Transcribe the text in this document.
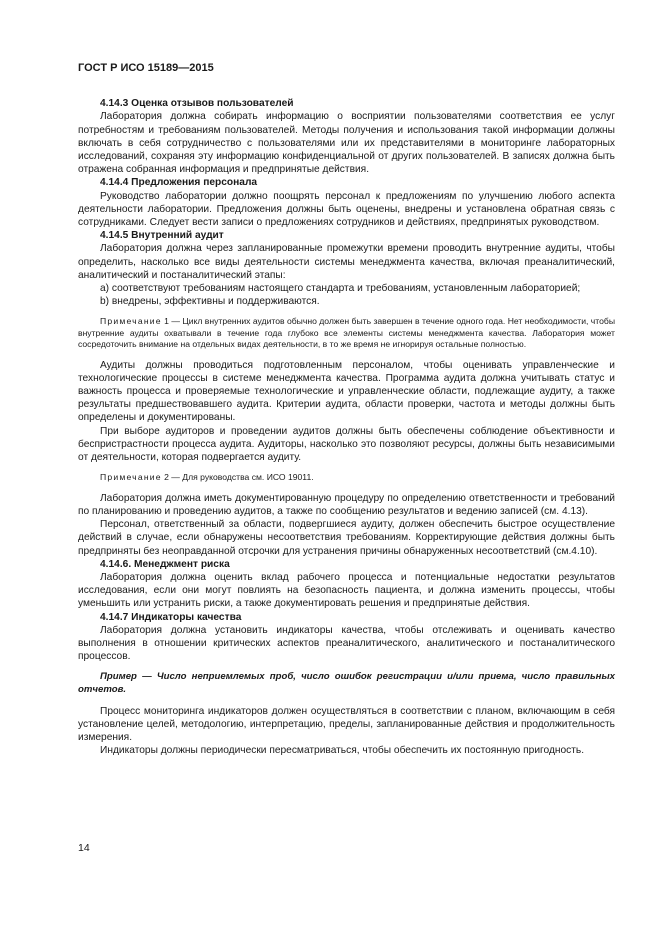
ГОСТ Р ИСО 15189—2015

4.14.3 Оценка отзывов пользователей

Лаборатория должна собирать информацию о восприятии пользователями соответствия ее услуг потребностям и требованиям пользователей. Методы получения и использования такой информации должны включать в себя сотрудничество с пользователями или их представителями в мониторинге лабораторных исследований, сохраняя эту информацию конфиденциальной от других пользователей. В записях должна быть отражена собранная информация и предпринятые действия.

4.14.4 Предложения персонала

Руководство лаборатории должно поощрять персонал к предложениям по улучшению любого аспекта деятельности лаборатории. Предложения должны быть оценены, внедрены и установлена обратная связь с сотрудниками. Следует вести записи о предложениях сотрудников и действиях, предпринятых руководством.

4.14.5 Внутренний аудит

Лаборатория должна через запланированные промежутки времени проводить внутренние аудиты, чтобы определить, насколько все виды деятельности системы менеджмента качества, включая преаналитический, аналитический и постаналитический этапы:

а) соответствуют требованиям настоящего стандарта и требованиям, установленным лабораторией;

b) внедрены, эффективны и поддерживаются.

Примечание 1 — Цикл внутренних аудитов обычно должен быть завершен в течение одного года. Нет необходимости, чтобы внутренние аудиты охватывали в течение года глубоко все элементы системы менеджмента качества. Лаборатория может сосредоточить внимание на отдельных видах деятельности, в то же время не игнорируя остальные полностью.

Аудиты должны проводиться подготовленным персоналом, чтобы оценивать управленческие и технологические процессы в системе менеджмента качества. Программа аудита должна учитывать статус и важность процесса и проверяемые технологические и управленческие области, подлежащие аудиту, а также результаты предшествовавшего аудита. Критерии аудита, области проверки, частота и методы должны быть определены и документированы.

При выборе аудиторов и проведении аудитов должны быть обеспечены соблюдение объективности и беспристрастности процесса аудита. Аудиторы, насколько это позволяют ресурсы, должны быть независимыми от деятельности, которая подвергается аудиту.

Примечание 2 — Для руководства см. ИСО 19011.

Лаборатория должна иметь документированную процедуру по определению ответственности и требований по планированию и проведению аудитов, а также по сообщению результатов и ведению записей (см. 4.13).

Персонал, ответственный за области, подвергшиеся аудиту, должен обеспечить быстрое осуществление действий в случае, если обнаружены несоответствия требованиям. Корректирующие действия должны быть предприняты без неоправданной отсрочки для устранения причины обнаруженных несоответствий (см.4.10).

4.14.6. Менеджмент риска

Лаборатория должна оценить вклад рабочего процесса и потенциальные недостатки результатов исследования, если они могут повлиять на безопасность пациента, и должна изменить процессы, чтобы уменьшить или устранить риски, а также документировать решения и предпринятые действия.

4.14.7 Индикаторы качества

Лаборатория должна установить индикаторы качества, чтобы отслеживать и оценивать качество выполнения в отношении критических аспектов преаналитического, аналитического и постаналитического процессов.

Пример — Число неприемлемых проб, число ошибок регистрации и/или приема, число правильных отчетов.

Процесс мониторинга индикаторов должен осуществляться в соответствии с планом, включающим в себя установление целей, методологию, интерпретацию, пределы, запланированные действия и продолжительность измерения.

Индикаторы должны периодически пересматриваться, чтобы обеспечить их постоянную пригодность.

14
